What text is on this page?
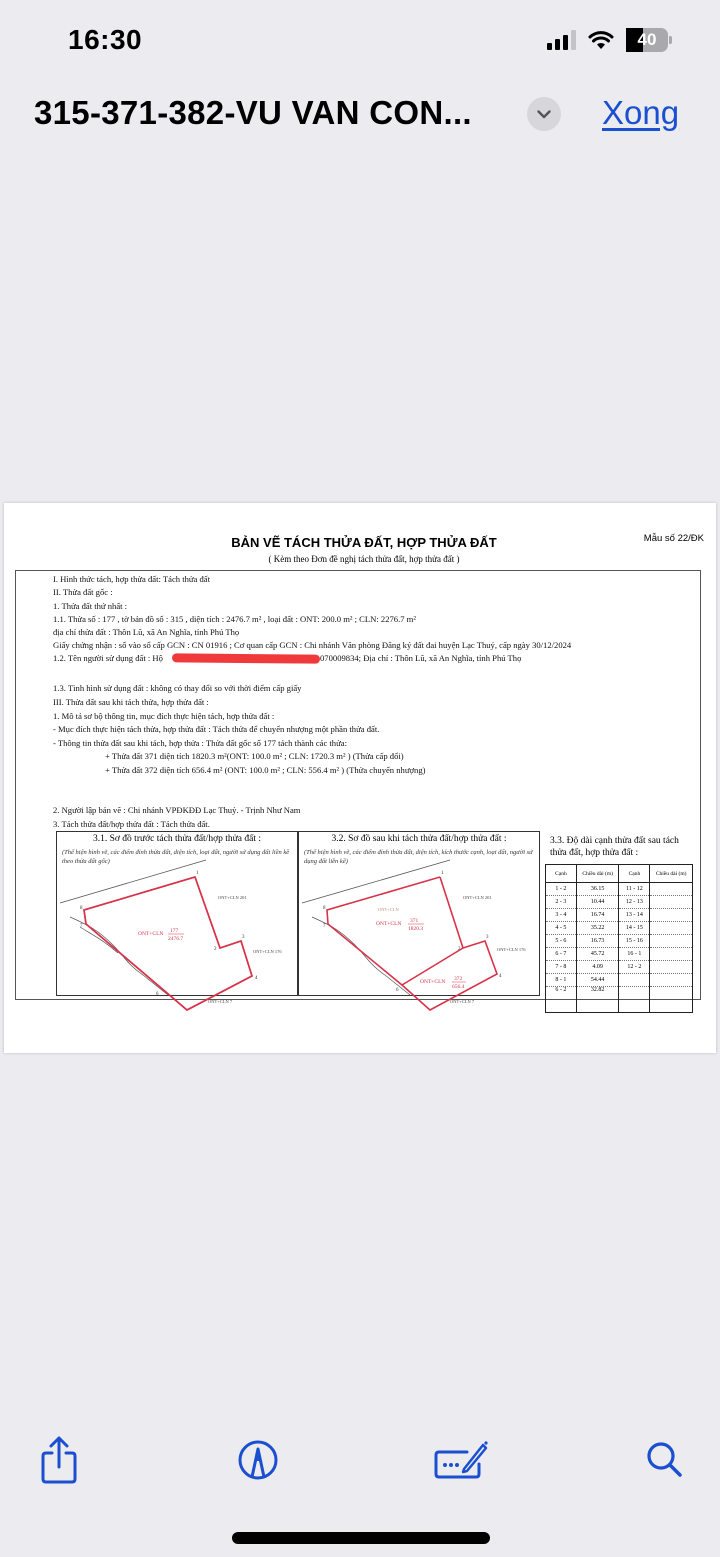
16:30	40
315-371-382-VU VAN CON...	Xong
BẢN VẼ TÁCH THỬA ĐẤT, HỢP THỬA ĐẤT	Mẫu số 22/ĐK
( Kèm theo Đơn đề nghị tách thửa đất, hợp thửa đất )
I. Hình thức tách, hợp thửa đất: Tách thửa đất
II. Thửa đất gốc :
1. Thửa đất thứ nhất :
1.1. Thửa số : 177 , tờ bản đồ số : 315 , diện tích : 2476.7 m² , loại đất : ONT: 200.0 m² ; CLN: 2276.7 m²
địa chỉ thửa đất : Thôn Lũ, xã An Nghĩa, tỉnh Phú Thọ
Giấy chứng nhận : số vào sổ cấp GCN : CN 01916 ; Cơ quan cấp GCN : Chi nhánh Văn phòng Đăng ký đất đai huyện Lạc Thuỷ, cấp ngày 30/12/2024
1.2. Tên người sử dụng đất : Hộ	070009834; Địa chỉ : Thôn Lũ, xã An Nghĩa, tỉnh Phú Thọ
1.3. Tình hình sử dụng đất : không có thay đổi so với thời điểm cấp giấy
III. Thửa đất sau khi tách thửa, hợp thửa đất :
1. Mô tả sơ bộ thông tin, mục đích thực hiện tách, hợp thửa đất :
- Mục đích thực hiện tách thửa, hợp thửa đất : Tách thửa để chuyển nhượng một phần thửa đất.
- Thông tin thửa đất sau khi tách, hợp thửa : Thửa đất gốc số 177 tách thành các thửa:
+ Thửa đất 371 diện tích 1820.3 m²(ONT: 100.0 m² ; CLN: 1720.3 m² ) (Thửa cấp đổi)
+ Thửa đất 372 diện tích 656.4 m² (ONT: 100.0 m² ; CLN: 556.4 m² ) (Thửa chuyển nhượng)
2. Người lập bản vẽ : Chi nhánh VPĐKĐĐ Lạc Thuỷ. - Trịnh Như Nam
3. Tách thửa đất/hợp thửa đất : Tách thửa đất.
3.1. Sơ đồ trước tách thửa đất/hợp thửa đất :
(Thể hiện hình vẽ, các điểm đỉnh thửa đất, diện tích, loại đất, người sử dụng đất liền kề theo thửa đất gốc)
3.2. Sơ đồ sau khi tách thửa đất/hợp thửa đất :
(Thể hiện hình vẽ, các điểm đỉnh thửa đất, diện tích, kích thước cạnh, loại đất, người sử dụng đất liền kề)
3.3. Độ dài cạnh thửa đất sau tách
thửa đất, hợp thửa đất :
1
2
3
4
6
8
7
ONT+CLN 201
ONT+CLN 176
ONT+CLN 7
ONT+CLN 177
2476.7
1
2
3
4
6
8
7
ONT+CLN 201
ONT+CLN 176
ONT+CLN 7
ONT+CLN
ONT+CLN 371
1820.3
ONT+CLN 372
656.4
Cạnh	Chiều dài (m)	Cạnh	Chiều dài (m)
1 - 2	36.15	11 - 12	
2 - 3	10.44	12 - 13	
3 - 4	16.74	13 - 14	
4 - 5	35.22	14 - 15	
5 - 6	16.73	15 - 16	
6 - 7	45.72	16 - 1	
7 - 8	4.09	12 - 2	
8 - 1	54.44		
6 - 2	32.82		
